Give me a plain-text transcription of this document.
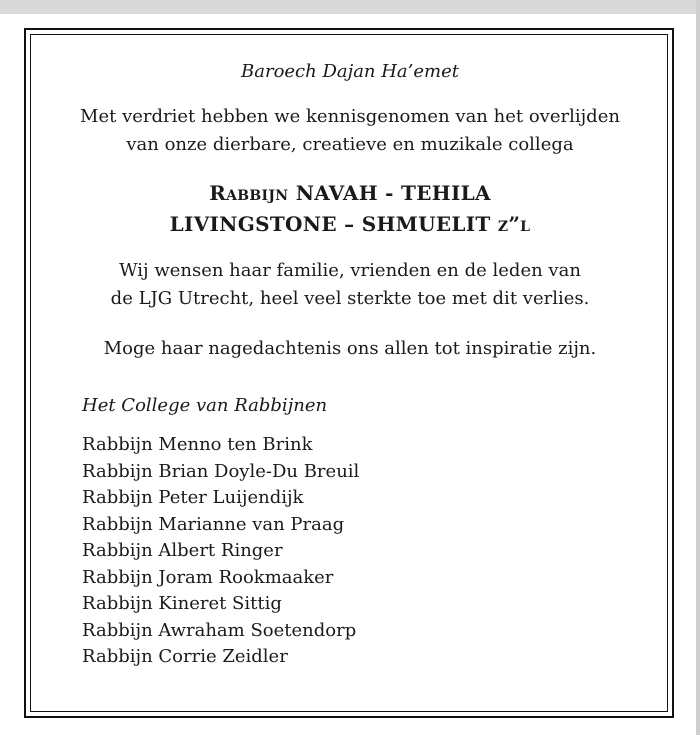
Baroech Dajan Ha’emet
Met verdriet hebben we kennisgenomen van het overlijden
van onze dierbare, creatieve en muzikale collega
Rabbijn NAVAH - TEHILA
LIVINGSTONE – SHMUELIT z”l
Wij wensen haar familie, vrienden en de leden van
de LJG Utrecht, heel veel sterkte toe met dit verlies.
Moge haar nagedachtenis ons allen tot inspiratie zijn.
Het College van Rabbijnen
Rabbijn Menno ten Brink
Rabbijn Brian Doyle-Du Breuil
Rabbijn Peter Luijendijk
Rabbijn Marianne van Praag
Rabbijn Albert Ringer
Rabbijn Joram Rookmaaker
Rabbijn Kineret Sittig
Rabbijn Awraham Soetendorp
Rabbijn Corrie Zeidler
